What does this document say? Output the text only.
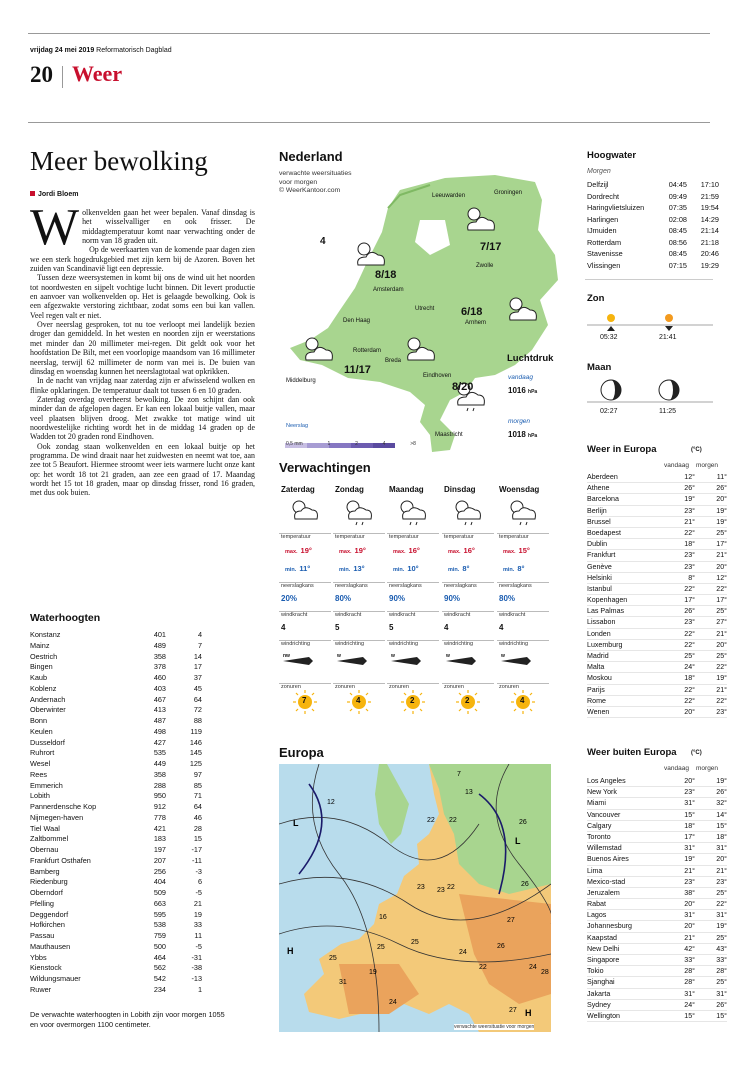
vrijdag 24 mei 2019 Reformatorisch Dagblad
20 Weer
Meer bewolking
Jordi Bloem
W olkenvelden gaan het weer bepalen. Vanaf dinsdag is het wisselvalliger en ook frisser. De middagtemperatuur komt naar verwachting onder de norm van 18 graden uit.

Op de weerkaarten van de komende paar dagen zien we een sterk hogedrukgebied met zijn kern bij de Azoren. Boven het zuiden van Scandinavië ligt een depressie.

Tussen deze weersystemen in komt bij ons de wind uit het noorden tot noordwesten en sijpelt vochtige lucht binnen. Dit levert productie en aanvoer van wolkenvelden op. Het is gelaagde bewolking. Ook is een afgezwakte verstoring zichtbaar, zodat soms een bui kan vallen. Veel regen valt er niet.

Over neerslag gesproken, tot nu toe verloopt mei landelijk bezien droger dan gemiddeld. In het westen en noorden zijn er weerstations met minder dan 20 millimeter mei-regen. Dit geldt ook voor het hoofdstation De Bilt, met een voorlopige maandsom van 16 millimeter neerslag, terwijl 62 millimeter de norm van mei is. De buien van dinsdag en woensdag kunnen het neerslagtotaal wat opkrikken.

In de nacht van vrijdag naar zaterdag zijn er afwisselend wolken en flinke opklaringen. De temperatuur daalt tot tussen 6 en 10 graden.

Zaterdag overdag overheerst bewolking. De zon schijnt dan ook minder dan de afgelopen dagen. Er kan een lokaal buitje vallen, maar veel plaatsen blijven droog. Met zwakke tot matige wind uit noordwestelijke richting wordt het in de middag 14 graden op de Wadden tot 20 graden rond Eindhoven.

Ook zondag staan wolkenvelden en een lokaal buitje op het programma. De wind draait naar het zuidwesten en neemt wat toe, aan zee tot 5 Beaufort. Hiermee stroomt weer iets warmere lucht onze kant op: het wordt 18 tot 21 graden, aan zee een graad of 17. Maandag wordt het 15 tot 18 graden, maar op dinsdag frisser, rond 16 graden, met dus ook buien.

Waterhoogten
Konstanz	401	4
Mainz	489	7
Oestrich	358	14
Bingen	378	17
Kaub	460	37
Koblenz	403	45
Andernach	467	64
Oberwinter	413	72
Bonn	487	88
Keulen	498	119
Dusseldorf	427	146
Ruhrort	535	145
Wesel	449	125
Rees	358	97
Emmerich	288	85
Lobith	950	71
Pannerdensche Kop	912	64
Nijmegen-haven	778	46
Tiel Waal	421	28
Zaltbommel	183	15
Obernau	197	-17
Frankfurt Osthafen	207	-11
Bamberg	256	-3
Riedenburg	404	6
Oberndorf	509	-5
Pfelling	663	21
Deggendorf	595	19
Hofkirchen	538	33
Passau	759	11
Mauthausen	500	-5
Ybbs	464	-31
Kienstock	562	-38
Wildungsmauer	542	-13
Ruwer	234	1
De verwachte waterhoogten in Lobith zijn voor morgen 1055 en voor overmorgen 1100 centimeter.
Nederland
verwachte weersituaties
voor morgen
© WeerKantoor.com
Leeuwarden	Groningen
Amsterdam
Zwolle
Den Haag
Utrecht
Arnhem
Rotterdam
Breda
Eindhoven
Middelburg
Maastricht
7/17
8/18
6/18
11/17
8/20
4
Neerslag
0,5 mm	1	2	4	>8
Luchtdruk
vandaag
1016 hPa
morgen
1018 hPa
Verwachtingen
Zaterdag
temperatuur
max. 19°
min. 11°
neerslagkans
20%
windkracht
4
windrichting
nw
zonuren
7
Zondag
temperatuur
max. 19°
min. 13°
neerslagkans
80%
windkracht
5
windrichting
w
zonuren
4
Maandag
temperatuur
max. 16°
min. 10°
neerslagkans
90%
windkracht
5
windrichting
w
zonuren
2
Dinsdag
temperatuur
max. 16°
min. 8°
neerslagkans
90%
windkracht
4
windrichting
w
zonuren
2
Woensdag
temperatuur
max. 15°
min. 8°
neerslagkans
80%
windkracht
4
windrichting
w
zonuren
4
Europa
H
H
L
L
7
12
13
22 22	26
26
27
16
22
23 23
25
25
24
25
26
31
19
24
22	24
28
27
verwachte weersituatie voor morgen
Hoogwater
Morgen
Delfzijl	04:45	17:10
Dordrecht	09:49	21:59
Haringvlietsluizen	07:35	19:54
Harlingen	02:08	14:29
IJmuiden	08:45	21:14
Rotterdam	08:56	21:18
Stavenisse	08:45	20:46
Vlissingen	07:15	19:29
Zon
05:32	21:41
Maan
02:27	11:25
Weer in Europa	(°C)
vandaag morgen
Aberdeen	12°	11°
Athene	26°	26°
Barcelona	19°	20°
Berlijn	23°	19°
Brussel	21°	19°
Boedapest	22°	25°
Dublin	18°	17°
Frankfurt	23°	21°
Genève	23°	20°
Helsinki	8°	12°
Istanbul	22°	22°
Kopenhagen	17°	17°
Las Palmas	26°	25°
Lissabon	23°	27°
Londen	22°	21°
Luxemburg	22°	20°
Madrid	25°	25°
Malta	24°	22°
Moskou	18°	19°
Parijs	22°	21°
Rome	22°	22°
Wenen	20°	23°
Weer buiten Europa (°C)
vandaag morgen
Los Angeles	20°	19°
New York	23°	26°
Miami	31°	32°
Vancouver	15°	14°
Calgary	18°	15°
Toronto	17°	18°
Willemstad	31°	31°
Buenos Aires	19°	20°
Lima	21°	21°
Mexico-stad	23°	23°
Jeruzalem	38°	25°
Rabat	20°	22°
Lagos	31°	31°
Johannesburg	20°	19°
Kaapstad	21°	25°
New Delhi	42°	43°
Singapore	33°	33°
Tokio	28°	28°
Sjanghai	28°	25°
Jakarta	31°	31°
Sydney	24°	26°
Wellington	15°	15°
